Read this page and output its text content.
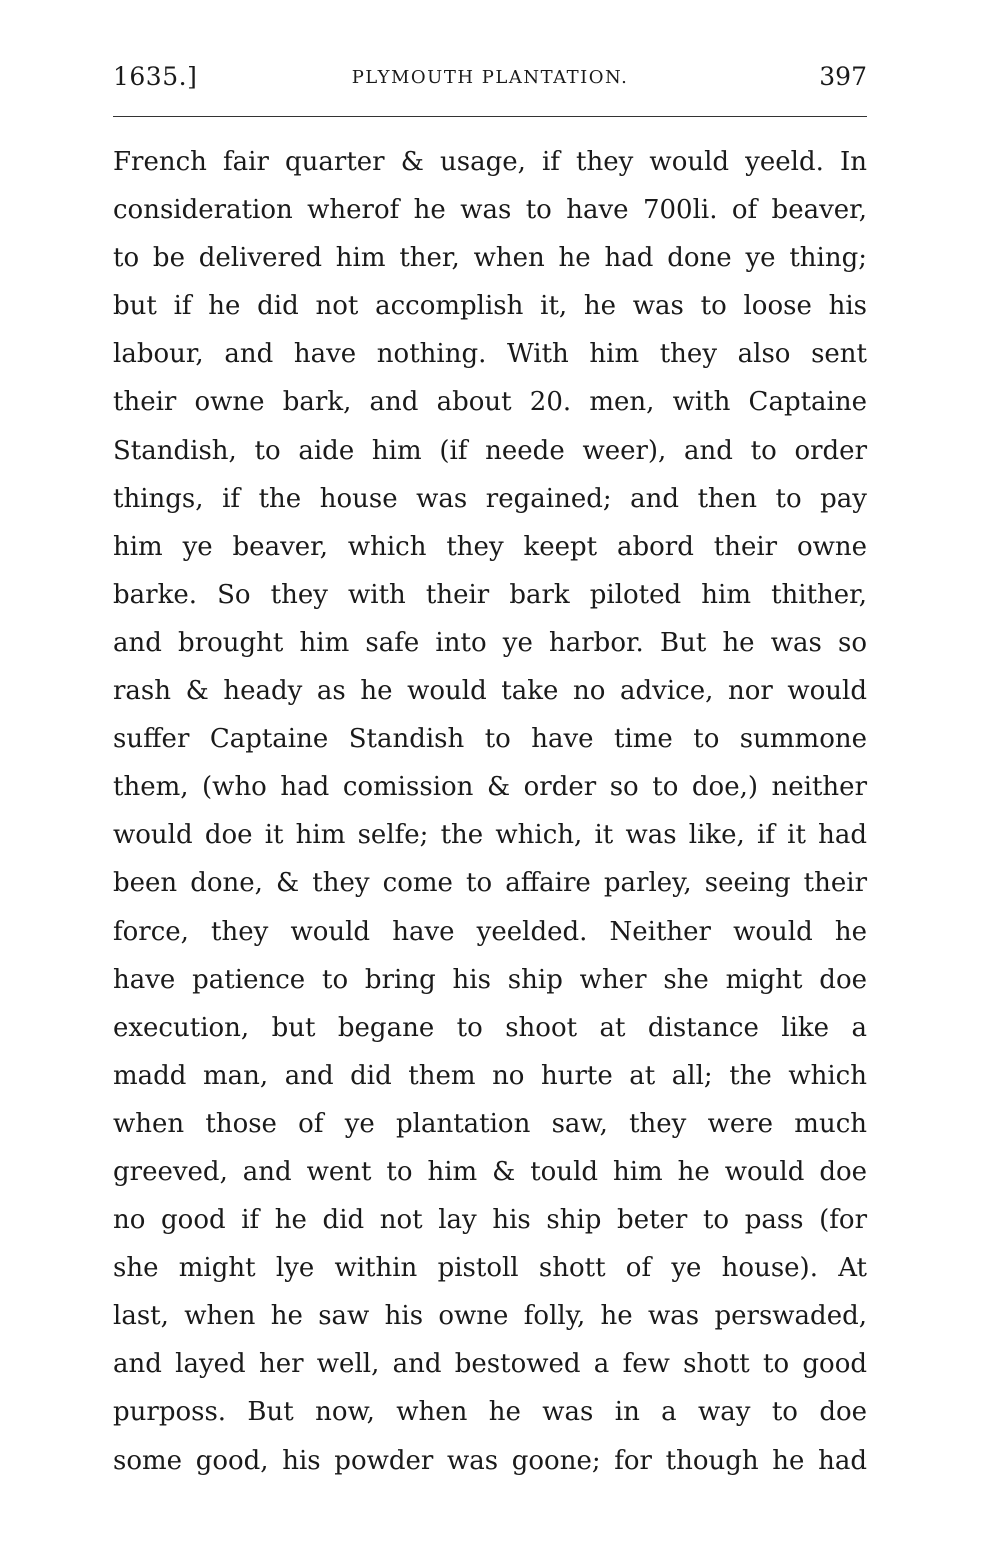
1635.]	PLYMOUTH PLANTATION.	397
French fair quarter & usage, if they would yeeld. In
consideration wherof he was to have 700li. of beaver,
to be delivered him ther, when he had done ye thing;
but if he did not accomplish it, he was to loose his
labour, and have nothing. With him they also sent
their owne bark, and about 20. men, with Captaine
Standish, to aide him (if neede weer), and to order
things, if the house was regained; and then to pay
him ye beaver, which they keept abord their owne
barke. So they with their bark piloted him thither,
and brought him safe into ye harbor. But he was so
rash & heady as he would take no advice, nor would
suffer Captaine Standish to have time to summone
them, (who had comission & order so to doe,) neither
would doe it him selfe; the which, it was like, if it had
been done, & they come to affaire parley, seeing their
force, they would have yeelded. Neither would he
have patience to bring his ship wher she might doe
execution, but begane to shoot at distance like a
madd man, and did them no hurte at all; the which
when those of ye plantation saw, they were much
greeved, and went to him & tould him he would doe
no good if he did not lay his ship beter to pass (for
she might lye within pistoll shott of ye house). At
last, when he saw his owne folly, he was perswaded,
and layed her well, and bestowed a few shott to good
purposs. But now, when he was in a way to doe
some good, his powder was goone; for though he had
